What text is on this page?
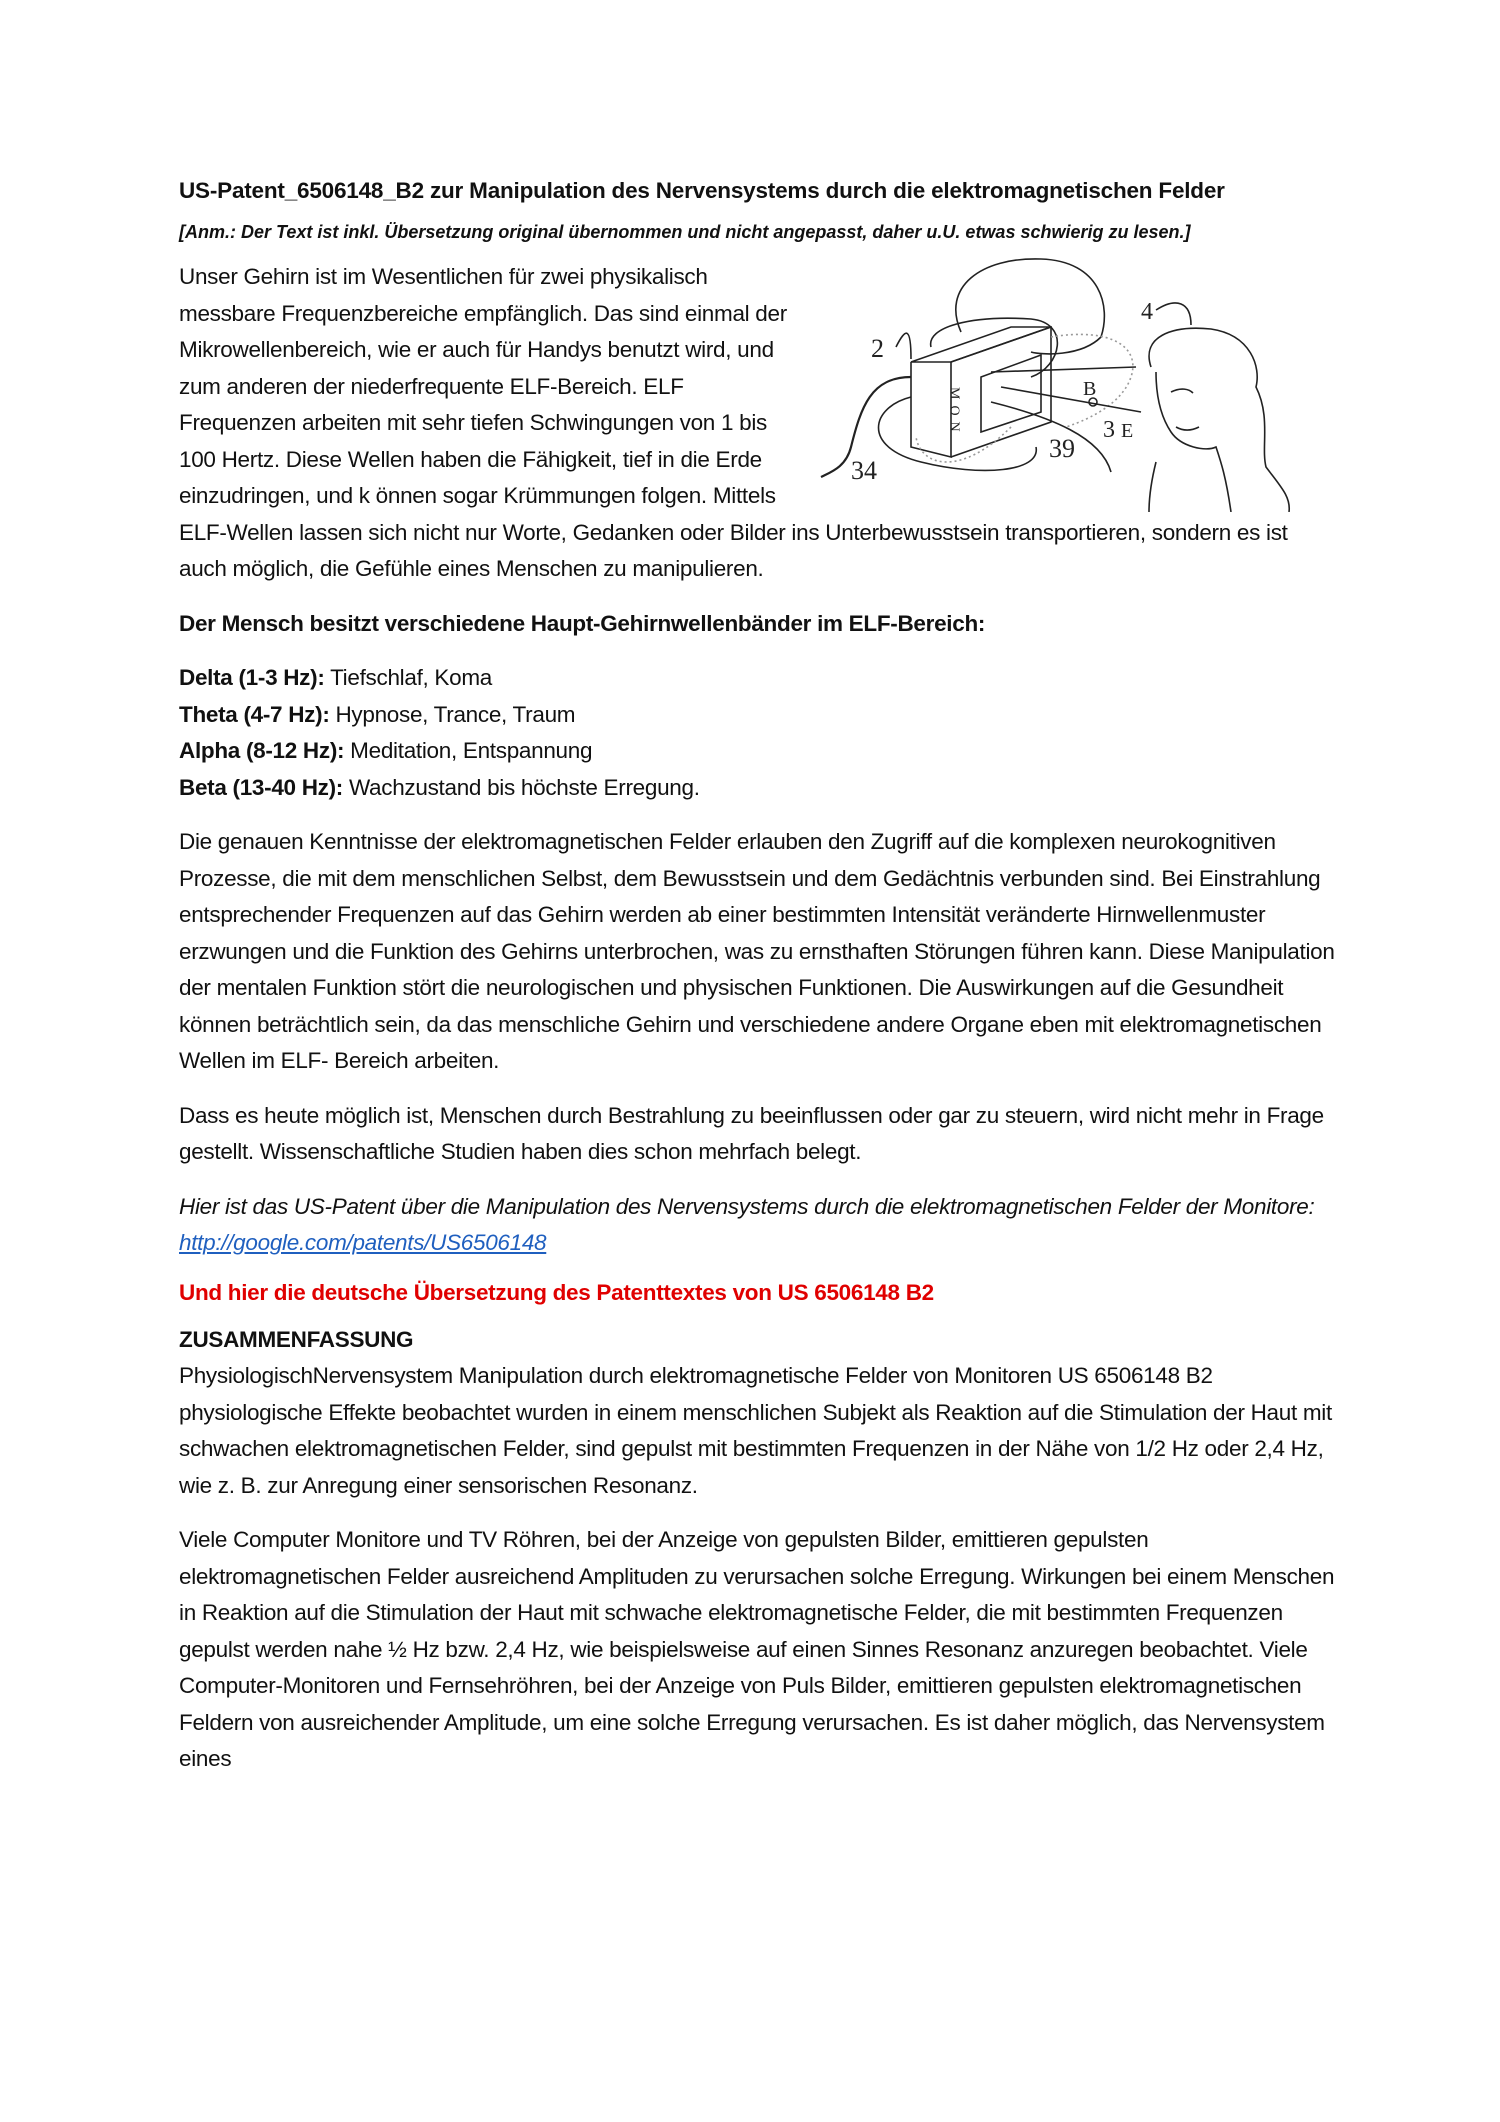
US-Patent_6506148_B2 zur Manipulation des Nervensystems durch die elektromagnetischen Felder
[Anm.: Der Text ist inkl. Übersetzung original übernommen und nicht angepasst, daher u.U. etwas schwierig zu lesen.]
2
4
34
39
3 E
B
MON

Unser Gehirn ist im Wesentlichen für zwei physikalisch messbare Frequenzbereiche empfänglich. Das sind einmal der Mikrowellenbereich, wie er auch für Handys benutzt wird, und zum anderen der niederfrequente ELF-Bereich. ELF Frequenzen arbeiten mit sehr tiefen Schwingungen von 1 bis 100 Hertz. Diese Wellen haben die Fähigkeit, tief in die Erde einzudringen, und k önnen sogar Krümmungen folgen. Mittels ELF-Wellen lassen sich nicht nur Worte, Gedanken oder Bilder ins Unterbewusstsein transportieren, sondern es ist auch möglich, die Gefühle eines Menschen zu manipulieren.

Der Mensch besitzt verschiedene Haupt-Gehirnwellenbänder im ELF-Bereich:

Delta (1-3 Hz): Tiefschlaf, Koma
Theta (4-7 Hz): Hypnose, Trance, Traum
Alpha (8-12 Hz): Meditation, Entspannung
Beta (13-40 Hz): Wachzustand bis höchste Erregung.

Die genauen Kenntnisse der elektromagnetischen Felder erlauben den Zugriff auf die komplexen neurokognitiven Prozesse, die mit dem menschlichen Selbst, dem Bewusstsein und dem Gedächtnis verbunden sind. Bei Einstrahlung entsprechender Frequenzen auf das Gehirn werden ab einer bestimmten Intensität veränderte Hirnwellenmuster erzwungen und die Funktion des Gehirns unterbrochen, was zu ernsthaften Störungen führen kann. Diese Manipulation der mentalen Funktion stört die neurologischen und physischen Funktionen. Die Auswirkungen auf die Gesundheit können beträchtlich sein, da das menschliche Gehirn und verschiedene andere Organe eben mit elektromagnetischen Wellen im ELF- Bereich arbeiten.

Dass es heute möglich ist, Menschen durch Bestrahlung zu beeinflussen oder gar zu steuern, wird nicht mehr in Frage gestellt. Wissenschaftliche Studien haben dies schon mehrfach belegt.

Hier ist das US-Patent über die Manipulation des Nervensystems durch die elektromagnetischen Felder der Monitore: http://google.com/patents/US6506148

Und hier die deutsche Übersetzung des Patenttextes von US 6506148 B2
ZUSAMMENFASSUNG

PhysiologischNervensystem Manipulation durch elektromagnetische Felder von Monitoren US 6506148 B2 physiologische Effekte beobachtet wurden in einem menschlichen Subjekt als Reaktion auf die Stimulation der Haut mit schwachen elektromagnetischen Felder, sind gepulst mit bestimmten Frequenzen in der Nähe von 1/2 Hz oder 2,4 Hz, wie z. B. zur Anregung einer sensorischen Resonanz.

Viele Computer Monitore und TV Röhren, bei der Anzeige von gepulsten Bilder, emittieren gepulsten elektromagnetischen Felder ausreichend Amplituden zu verursachen solche Erregung. Wirkungen bei einem Menschen in Reaktion auf die Stimulation der Haut mit schwache elektromagnetische Felder, die mit bestimmten Frequenzen gepulst werden nahe ½ Hz bzw. 2,4 Hz, wie beispielsweise auf einen Sinnes Resonanz anzuregen beobachtet. Viele Computer-Monitoren und Fernsehröhren, bei der Anzeige von Puls Bilder, emittieren gepulsten elektromagnetischen Feldern von ausreichender Amplitude, um eine solche Erregung verursachen. Es ist daher möglich, das Nervensystem eines
